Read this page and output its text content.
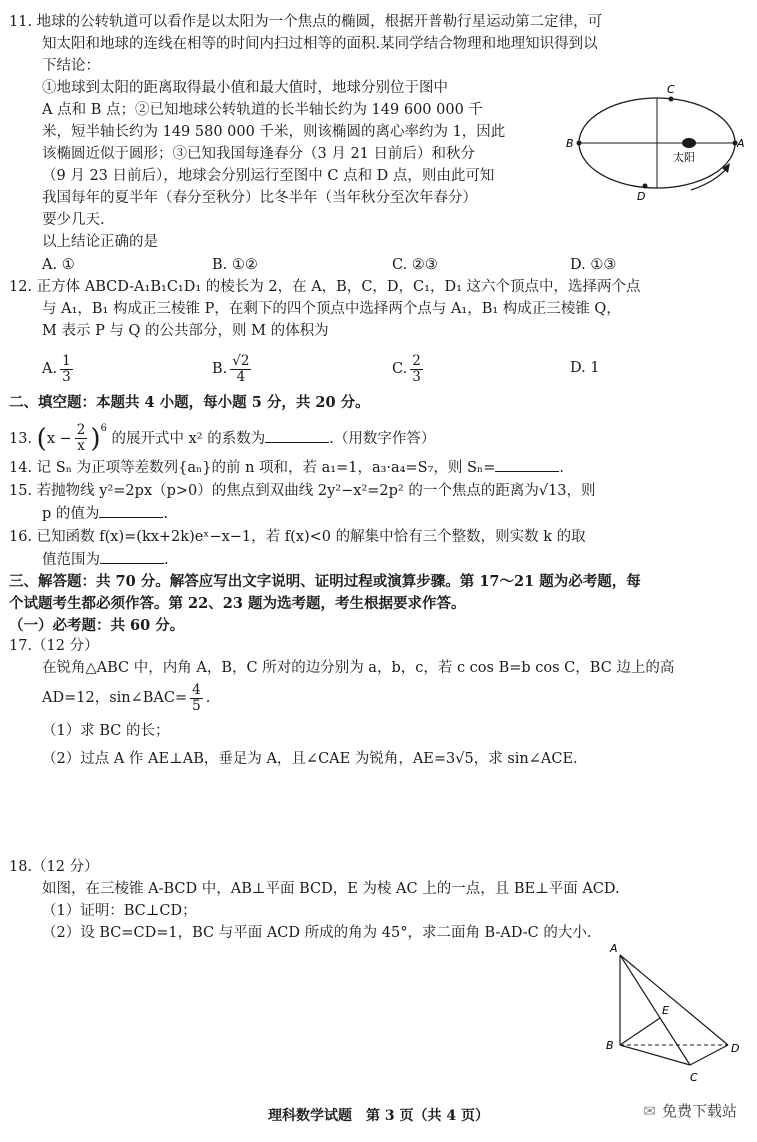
11. 地球的公转轨道可以看作是以太阳为一个焦点的椭圆，根据开普勒行星运动第二定律，可
知太阳和地球的连线在相等的时间内扫过相等的面积.某同学结合物理和地理知识得到以
下结论：
①地球到太阳的距离取得最小值和最大值时，地球分别位于图中
A 点和 B 点；②已知地球公转轨道的长半轴长约为 149 600 000 千
米，短半轴长约为 149 580 000 千米，则该椭圆的离心率约为 1，因此
该椭圆近似于圆形；③已知我国每逢春分（3 月 21 日前后）和秋分
（9 月 23 日前后），地球会分别运行至图中 C 点和 D 点，则由此可知
我国每年的夏半年（春分至秋分）比冬半年（当年秋分至次年春分）
要少几天.
以上结论正确的是
A. ①	B. ①②	C. ②③	D. ①③
C
B
太阳
A
D
12. 正方体 ABCD-A₁B₁C₁D₁ 的棱长为 2，在 A，B，C，D，C₁，D₁ 这六个顶点中，选择两个点
与 A₁，B₁ 构成正三棱锥 P，在剩下的四个顶点中选择两个点与 A₁，B₁ 构成正三棱锥 Q，
M 表示 P 与 Q 的公共部分，则 M 的体积为
A. $\frac{1}{3}$	B. $\frac{√2}{4}$	C. $\frac{2}{3}$	D. 1
二、填空题：本题共 4 小题，每小题 5 分，共 20 分。
13. $(x - \frac{2}{x} )^6$ 的展开式中 x² 的系数为	.（用数字作答）
14. 记 Sₙ 为正项等差数列{aₙ}的前 n 项和，若 a₁=1，a₃·a₄=S₇，则 Sₙ=	.
15. 若抛物线 y²=2px（p>0）的焦点到双曲线 2y²−x²=2p² 的一个焦点的距离为√13，则
p 的值为	.
16. 已知函数 f(x)=(kx+2k)eˣ−x−1，若 f(x)<0 的解集中恰有三个整数，则实数 k 的取
值范围为	.
三、解答题：共 70 分。解答应写出文字说明、证明过程或演算步骤。第 17～21 题为必考题，每
个试题考生都必须作答。第 22、23 题为选考题，考生根据要求作答。
（一）必考题：共 60 分。
17.（12 分）
在锐角△ABC 中，内角 A，B，C 所对的边分别为 a，b，c，若 c cos B=b cos C，BC 边上的高
AD=12，sin∠BAC= $\frac{4}{5}$ .
（1）求 BC 的长；
（2）过点 A 作 AE⊥AB，垂足为 A，且∠CAE 为锐角，AE=3√5，求 sin∠ACE.
18.（12 分）
如图，在三棱锥 A-BCD 中，AB⊥平面 BCD，E 为棱 AC 上的一点，且 BE⊥平面 ACD.
（1）证明：BC⊥CD；
（2）设 BC=CD=1，BC 与平面 ACD 所成的角为 45°，求二面角 B-AD-C 的大小.
A
E
B	D
C
理科数学试题　第 3 页（共 4 页）	✉ 免费下载站
